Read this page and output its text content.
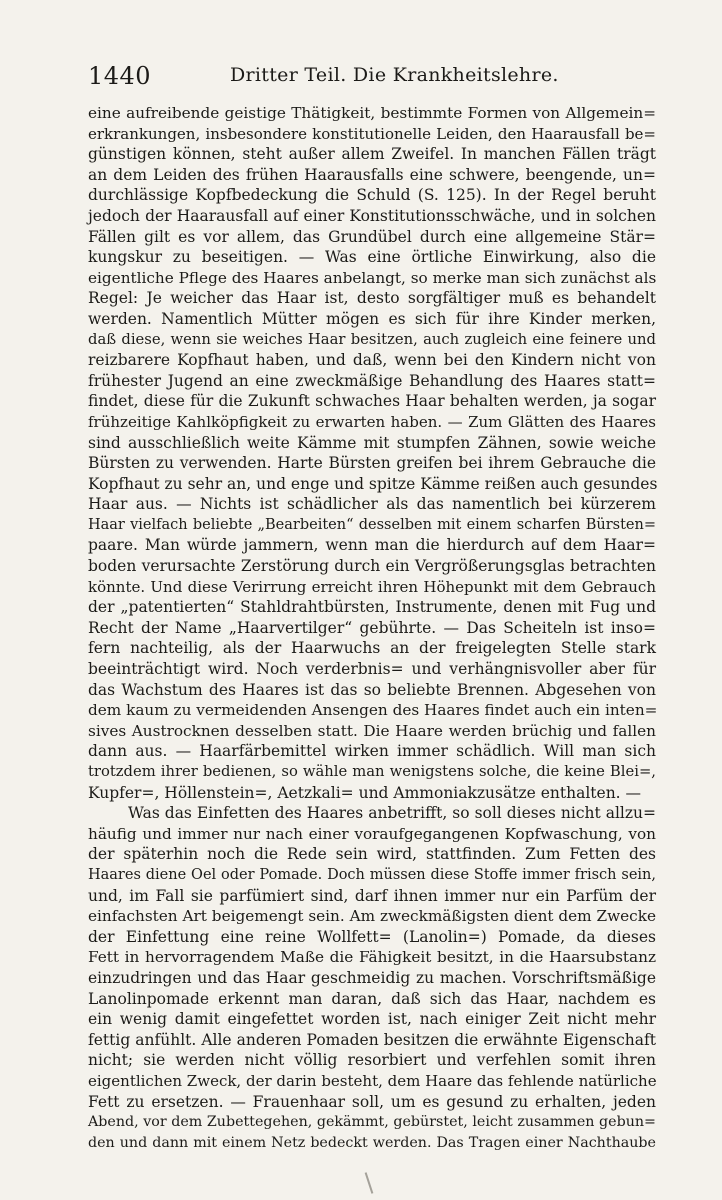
1440	Dritter Teil. Die Krankheitslehre.
eine aufreibende geistige Thätigkeit, bestimmte Formen von Allgemein=
erkrankungen, insbesondere konstitutionelle Leiden, den Haarausfall be=
günstigen können, steht außer allem Zweifel. In manchen Fällen trägt
an dem Leiden des frühen Haarausfalls eine schwere, beengende, un=
durchlässige Kopfbedeckung die Schuld (S. 125). In der Regel beruht
jedoch der Haarausfall auf einer Konstitutionsschwäche, und in solchen
Fällen gilt es vor allem, das Grundübel durch eine allgemeine Stär=
kungskur zu beseitigen. — Was eine örtliche Einwirkung, also die
eigentliche Pflege des Haares anbelangt, so merke man sich zunächst als
Regel: Je weicher das Haar ist, desto sorgfältiger muß es behandelt
werden. Namentlich Mütter mögen es sich für ihre Kinder merken,
daß diese, wenn sie weiches Haar besitzen, auch zugleich eine feinere und
reizbarere Kopfhaut haben, und daß, wenn bei den Kindern nicht von
frühester Jugend an eine zweckmäßige Behandlung des Haares statt=
findet, diese für die Zukunft schwaches Haar behalten werden, ja sogar
frühzeitige Kahlköpfigkeit zu erwarten haben. — Zum Glätten des Haares
sind ausschließlich weite Kämme mit stumpfen Zähnen, sowie weiche
Bürsten zu verwenden. Harte Bürsten greifen bei ihrem Gebrauche die
Kopfhaut zu sehr an, und enge und spitze Kämme reißen auch gesundes
Haar aus. — Nichts ist schädlicher als das namentlich bei kürzerem
Haar vielfach beliebte „Bearbeiten“ desselben mit einem scharfen Bürsten=
paare. Man würde jammern, wenn man die hierdurch auf dem Haar=
boden verursachte Zerstörung durch ein Vergrößerungsglas betrachten
könnte. Und diese Verirrung erreicht ihren Höhepunkt mit dem Gebrauch
der „patentierten“ Stahldrahtbürsten, Instrumente, denen mit Fug und
Recht der Name „Haarvertilger“ gebührte. — Das Scheiteln ist inso=
fern nachteilig, als der Haarwuchs an der freigelegten Stelle stark
beeinträchtigt wird. Noch verderbnis= und verhängnisvoller aber für
das Wachstum des Haares ist das so beliebte Brennen. Abgesehen von
dem kaum zu vermeidenden Ansengen des Haares findet auch ein inten=
sives Austrocknen desselben statt. Die Haare werden brüchig und fallen
dann aus. — Haarfärbemittel wirken immer schädlich. Will man sich
trotzdem ihrer bedienen, so wähle man wenigstens solche, die keine Blei=,
Kupfer=, Höllenstein=, Aetzkali= und Ammoniakzusätze enthalten. —
Was das Einfetten des Haares anbetrifft, so soll dieses nicht allzu=
häufig und immer nur nach einer voraufgegangenen Kopfwaschung, von
der späterhin noch die Rede sein wird, stattfinden. Zum Fetten des
Haares diene Oel oder Pomade. Doch müssen diese Stoffe immer frisch sein,
und, im Fall sie parfümiert sind, darf ihnen immer nur ein Parfüm der
einfachsten Art beigemengt sein. Am zweckmäßigsten dient dem Zwecke
der Einfettung eine reine Wollfett= (Lanolin=) Pomade, da dieses
Fett in hervorragendem Maße die Fähigkeit besitzt, in die Haarsubstanz
einzudringen und das Haar geschmeidig zu machen. Vorschriftsmäßige
Lanolinpomade erkennt man daran, daß sich das Haar, nachdem es
ein wenig damit eingefettet worden ist, nach einiger Zeit nicht mehr
fettig anfühlt. Alle anderen Pomaden besitzen die erwähnte Eigenschaft
nicht; sie werden nicht völlig resorbiert und verfehlen somit ihren
eigentlichen Zweck, der darin besteht, dem Haare das fehlende natürliche
Fett zu ersetzen. — Frauenhaar soll, um es gesund zu erhalten, jeden
Abend, vor dem Zubettegehen, gekämmt, gebürstet, leicht zusammen gebun=
den und dann mit einem Netz bedeckt werden. Das Tragen einer Nachthaube
